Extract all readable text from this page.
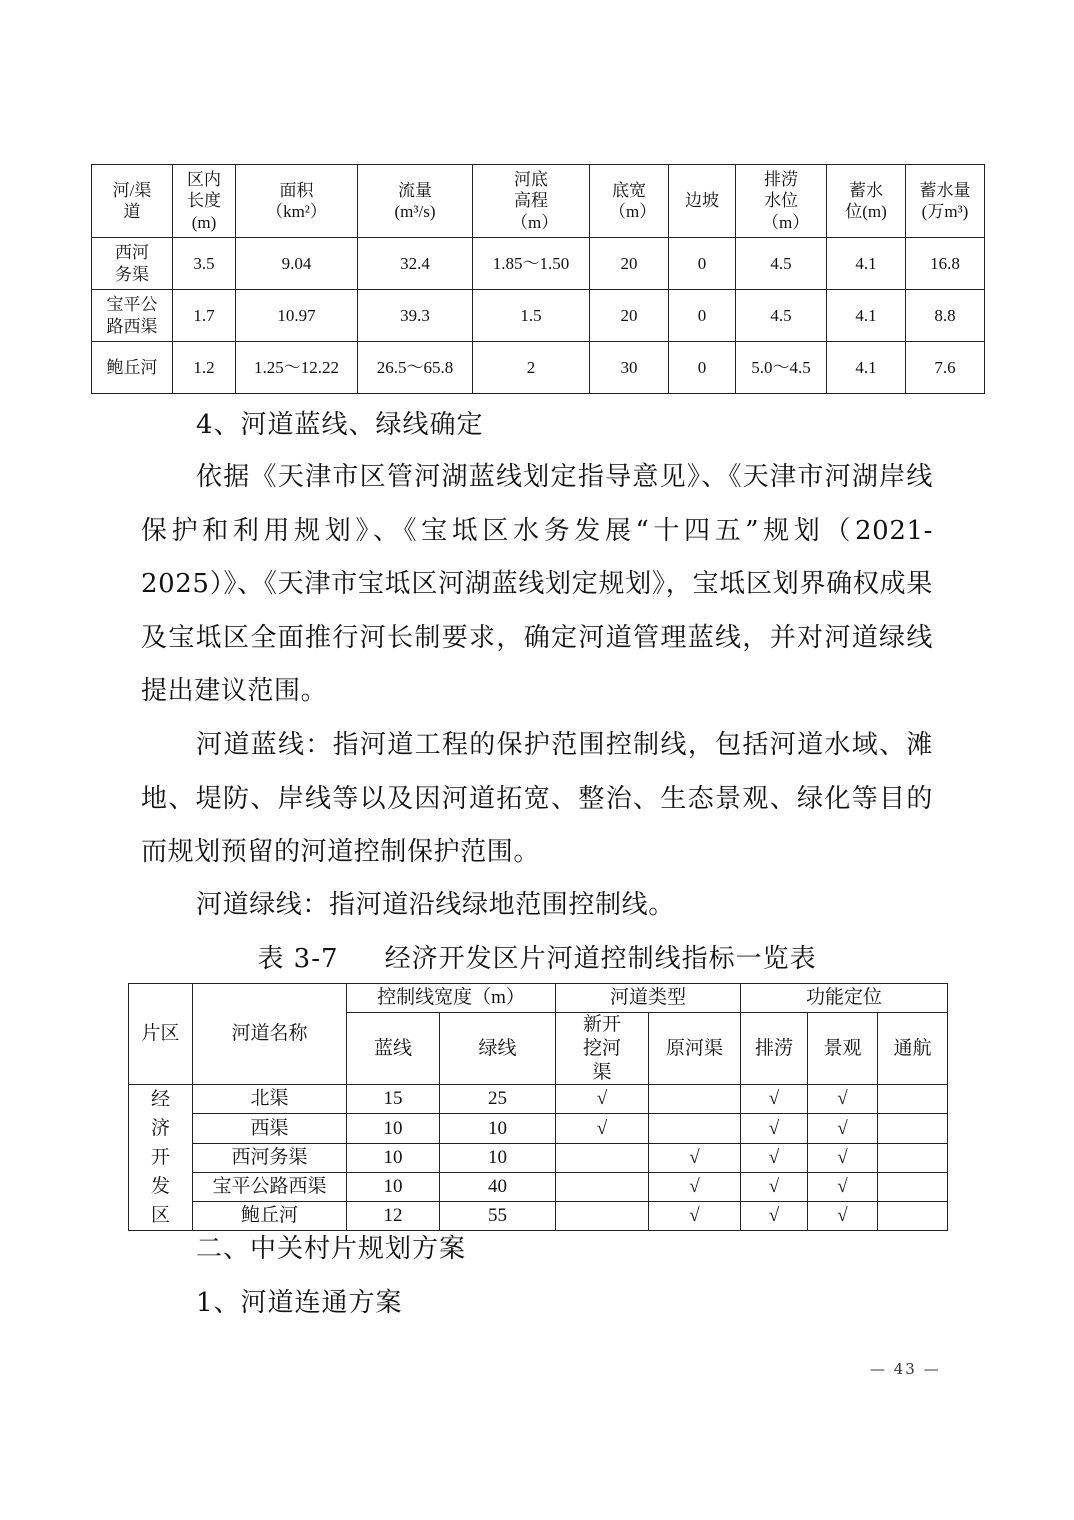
河/渠道	区内长度(m)	面积（km²）	流量(m³/s)	河底高程（m）	底宽（m）	边坡	排涝水位（m）	蓄水位(m)	蓄水量(万m³)

西河务渠	3.5	9.04	32.4	1.85～1.50	20	0	4.5	4.1	16.8

宝平公路西渠	1.7	10.97	39.3	1.5	20	0	4.5	4.1	8.8
鲍丘河	1.2	1.25～12.22	26.5～65.8	2	30	0	5.0～4.5	4.1	7.6
4、河道蓝线、绿线确定
依据《天津市区管河湖蓝线划定指导意见》、《天津市河湖岸线保护和利用规划》、《宝坻区水务发展“十四五”规划（2021-2025）》、《天津市宝坻区河湖蓝线划定规划》，宝坻区划界确权成果及宝坻区全面推行河长制要求，确定河道管理蓝线，并对河道绿线提出建议范围。
河道蓝线：指河道工程的保护范围控制线，包括河道水域、滩地、堤防、岸线等以及因河道拓宽、整治、生态景观、绿化等目的而规划预留的河道控制保护范围。
河道绿线：指河道沿线绿地范围控制线。
表 3-7 经济开发区片河道控制线指标一览表
片区	河道名称	控制线宽度（m）		河道类型		功能定位		
		蓝线	绿线	新开挖河渠	原河渠	排涝	景观	通航

经济开发区	北渠	15	25	√		√	√	
	西渠	10	10	√		√	√	
	西河务渠	10	10		√	√	√	
	宝平公路西渠	10	40		√	√	√	
	鲍丘河	12	55		√	√	√	
二、中关村片规划方案
1、河道连通方案
— 43 —
